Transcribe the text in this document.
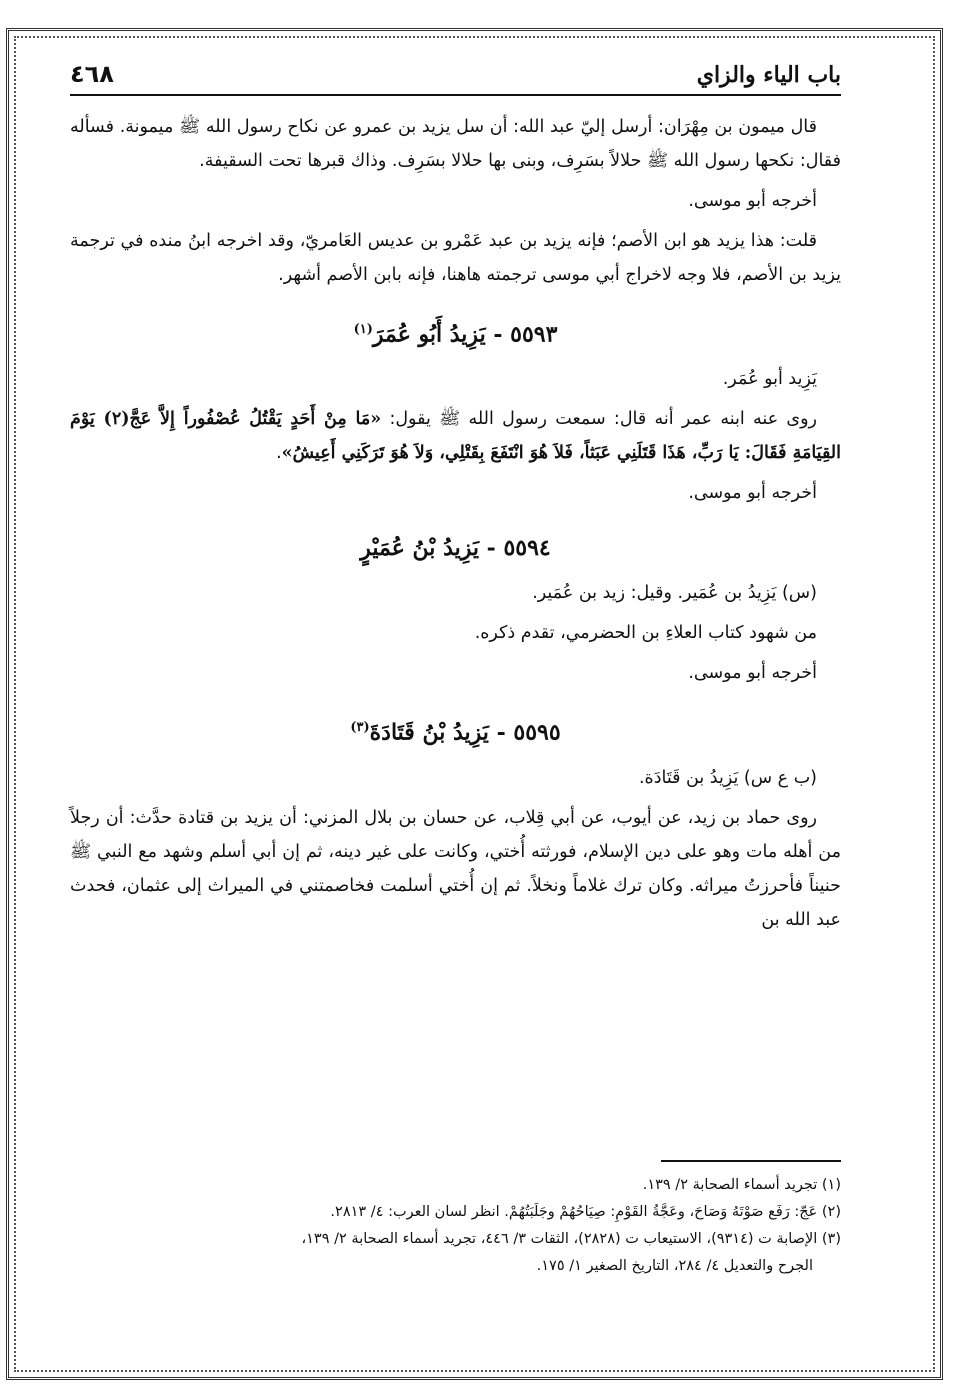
باب الياء والزاي
٤٦٨

قال ميمون بن مِهْرَان: أرسل إليّ عبد الله: أن سل يزيد بن عمرو عن نكاح رسول الله ﷺ ميمونة. فسأله فقال: نكحها رسول الله ﷺ حلالاً بسَرِف، وبنى بها حلالا بسَرِف. وذاك قبرها تحت السقيفة.

أخرجه أبو موسى.

قلت: هذا يزيد هو ابن الأصم؛ فإنه يزيد بن عبد عَمْرو بن عديس العَامريّ، وقد اخرجه ابنُ منده في ترجمة يزيد بن الأصم، فلا وجه لاخراج أبي موسى ترجمته هاهنا، فإنه بابن الأصم أشهر.

٥٥٩٣ - يَزِيدُ أَبُو عُمَرَ$^{(١)}$

يَزِيد أبو عُمَر.

روى عنه ابنه عمر أنه قال: سمعت رسول الله ﷺ يقول: «مَا مِنْ أَحَدٍ يَقْتُلُ عُصْفُوراً إِلاَّ عَجَّ(٢) يَوْمَ القِيَامَةِ فَقَالَ: يَا رَبِّ، هَذَا قَتَلَنِي عَبَثاً، فَلاَ هُوَ انْتَفَعَ بِقَتْلِي، وَلاَ هُوَ تَرَكَنِي أَعِيشُ».

أخرجه أبو موسى.

٥٥٩٤ - يَزِيدُ بْنُ عُمَيْرٍ

(س) يَزِيدُ بن عُمَير. وقيل: زيد بن عُمَير.

من شهود كتاب العلاءِ بن الحضرمي، تقدم ذكره.

أخرجه أبو موسى.

٥٥٩٥ - يَزِيدُ بْنُ قَتَادَةَ$^{(٣)}$

(ب ع س) يَزِيدُ بن قَتَادَة.

روى حماد بن زيد، عن أيوب، عن أبي قِلاب، عن حسان بن بلال المزني: أن يزيد بن قتادة حدَّث: أن رجلاً من أهله مات وهو على دين الإسلام، فورثته أُختي، وكانت على غير دينه، ثم إن أبي أسلم وشهد مع النبي ﷺ حنيناً فأحرزتُ ميراثه. وكان ترك غلاماً ونخلاً. ثم إن أُختي أسلمت فخاصمتني في الميراث إلى عثمان، فحدث عبد الله بن

(١) تجريد أسماء الصحابة ٢/ ١٣٩.

(٢) عَجّ: رَفَع صَوْتَهُ وَصَاحَ، وعَجَّةُ القَوْمِ: صِيَاحُهُمْ وجَلَبَتُهُمْ. انظر لسان العرب: ٤/ ٢٨١٣.

(٣) الإصابة ت (٩٣١٤)، الاستيعاب ت (٢٨٢٨)، الثقات ٣/ ٤٤٦، تجريد أسماء الصحابة ٢/ ١٣٩،

الجرح والتعديل ٤/ ٢٨٤، التاريخ الصغير ١/ ١٧٥.
